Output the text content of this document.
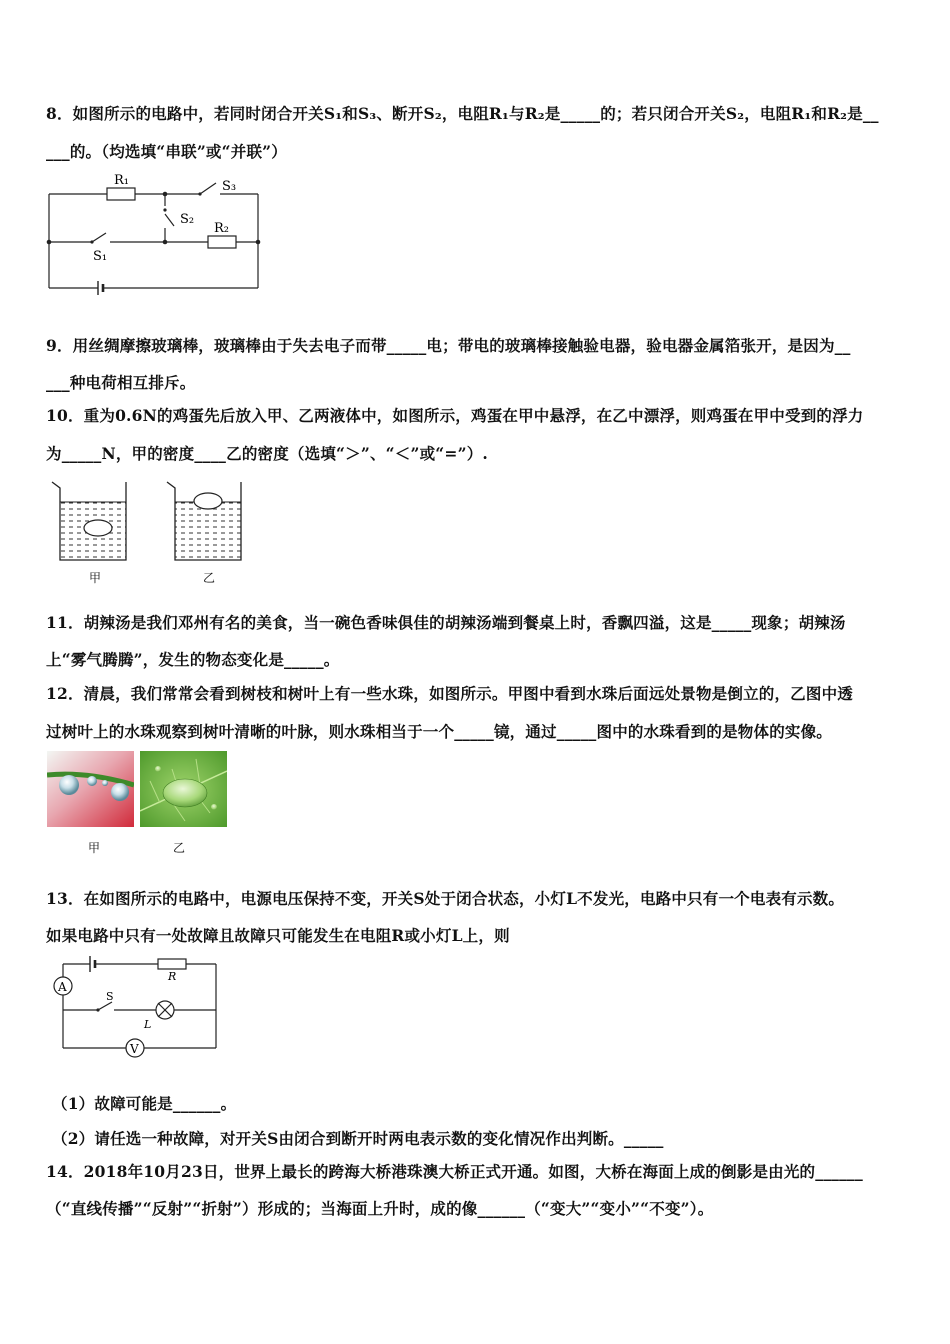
8．如图所示的电路中，若同时闭合开关S₁和S₃、断开S₂，电阻R₁与R₂是_____的；若只闭合开关S₂，电阻R₁和R₂是__
___的。（均选填“串联”或“并联”）
R₁	S₃
S₂
R₂
S₁
9．用丝绸摩擦玻璃棒，玻璃棒由于失去电子而带_____电；带电的玻璃棒接触验电器，验电器金属箔张开，是因为__
___种电荷相互排斥。
10．重为0.6N的鸡蛋先后放入甲、乙两液体中，如图所示，鸡蛋在甲中悬浮，在乙中漂浮，则鸡蛋在甲中受到的浮力
为_____N，甲的密度____乙的密度（选填“＞”、“＜”或“=”）.
甲	乙
11．胡辣汤是我们邓州有名的美食，当一碗色香味俱佳的胡辣汤端到餐桌上时，香飘四溢，这是_____现象；胡辣汤
上“雾气腾腾”，发生的物态变化是_____。
12．清晨，我们常常会看到树枝和树叶上有一些水珠，如图所示。甲图中看到水珠后面远处景物是倒立的，乙图中透
过树叶上的水珠观察到树叶清晰的叶脉，则水珠相当于一个_____镜，通过_____图中的水珠看到的是物体的实像。
甲	乙
13．在如图所示的电路中，电源电压保持不变，开关S处于闭合状态，小灯L不发光，电路中只有一个电表有示数。
如果电路中只有一处故障且故障只可能发生在电阻R或小灯L上，则
A
V
R
S
L
（1）故障可能是______。
（2）请任选一种故障，对开关S由闭合到断开时两电表示数的变化情况作出判断。_____
14．2018年10月23日，世界上最长的跨海大桥港珠澳大桥正式开通。如图，大桥在海面上成的倒影是由光的______
（“直线传播”“反射”“折射”）形成的；当海面上升时，成的像______（“变大”“变小”“不变”）。
